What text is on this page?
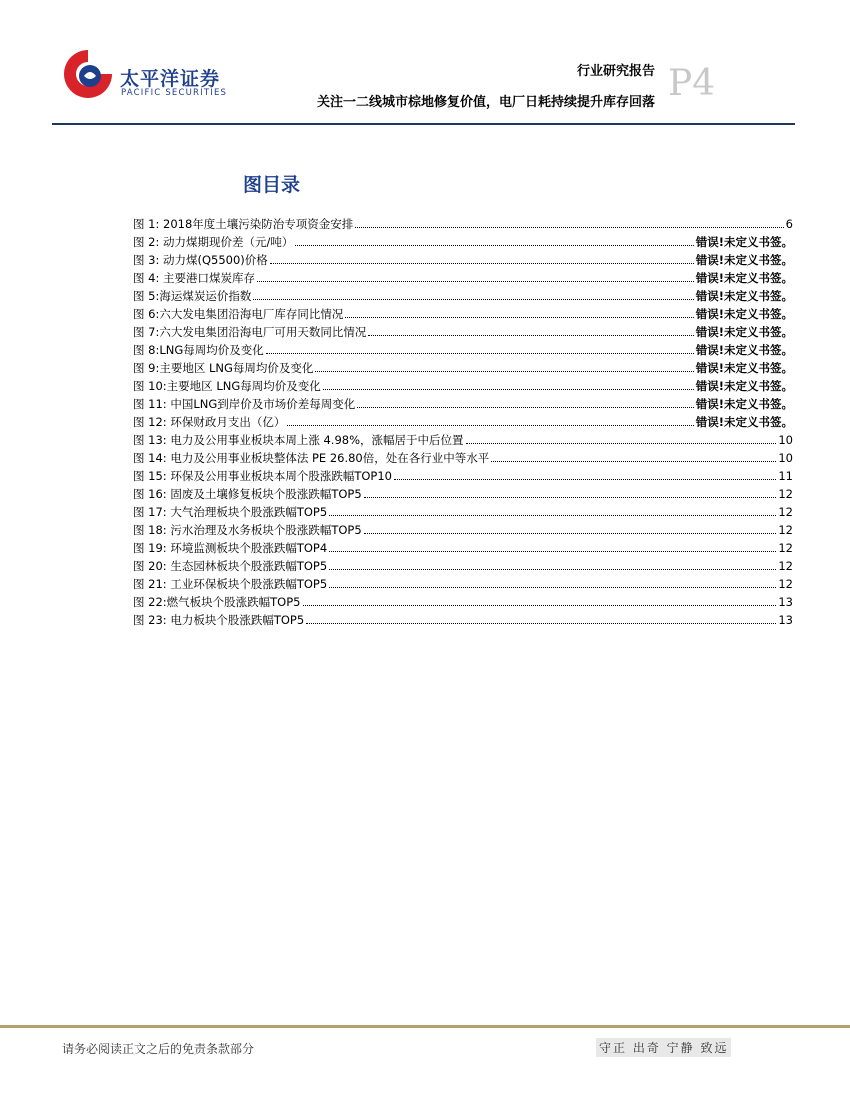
太平洋证券
PACIFIC SECURITIES
行业研究报告
关注一二线城市棕地修复价值，电厂日耗持续提升库存回落 P4
图目录
图 1: 2018年度土壤污染防治专项资金安排	6
图 2: 动力煤期现价差（元/吨）	错误!未定义书签。
图 3: 动力煤(Q5500)价格	错误!未定义书签。
图 4: 主要港口煤炭库存	错误!未定义书签。
图 5:海运煤炭运价指数	错误!未定义书签。
图 6:六大发电集团沿海电厂库存同比情况	错误!未定义书签。
图 7:六大发电集团沿海电厂可用天数同比情况	错误!未定义书签。
图 8:LNG每周均价及变化	错误!未定义书签。
图 9:主要地区 LNG每周均价及变化	错误!未定义书签。
图 10:主要地区 LNG每周均价及变化	错误!未定义书签。
图 11: 中国LNG到岸价及市场价差每周变化	错误!未定义书签。
图 12: 环保财政月支出（亿）	错误!未定义书签。
图 13: 电力及公用事业板块本周上涨 4.98%，涨幅居于中后位置	10
图 14: 电力及公用事业板块整体法 PE 26.80倍，处在各行业中等水平	10
图 15: 环保及公用事业板块本周个股涨跌幅TOP10	11
图 16: 固废及土壤修复板块个股涨跌幅TOP5	12
图 17: 大气治理板块个股涨跌幅TOP5	12
图 18: 污水治理及水务板块个股涨跌幅TOP5	12
图 19: 环境监测板块个股涨跌幅TOP4	12
图 20: 生态园林板块个股涨跌幅TOP5	12
图 21: 工业环保板块个股涨跌幅TOP5	12
图 22:燃气板块个股涨跌幅TOP5	13
图 23: 电力板块个股涨跌幅TOP5	13
请务必阅读正文之后的免责条款部分	守正 出奇 宁静 致远
